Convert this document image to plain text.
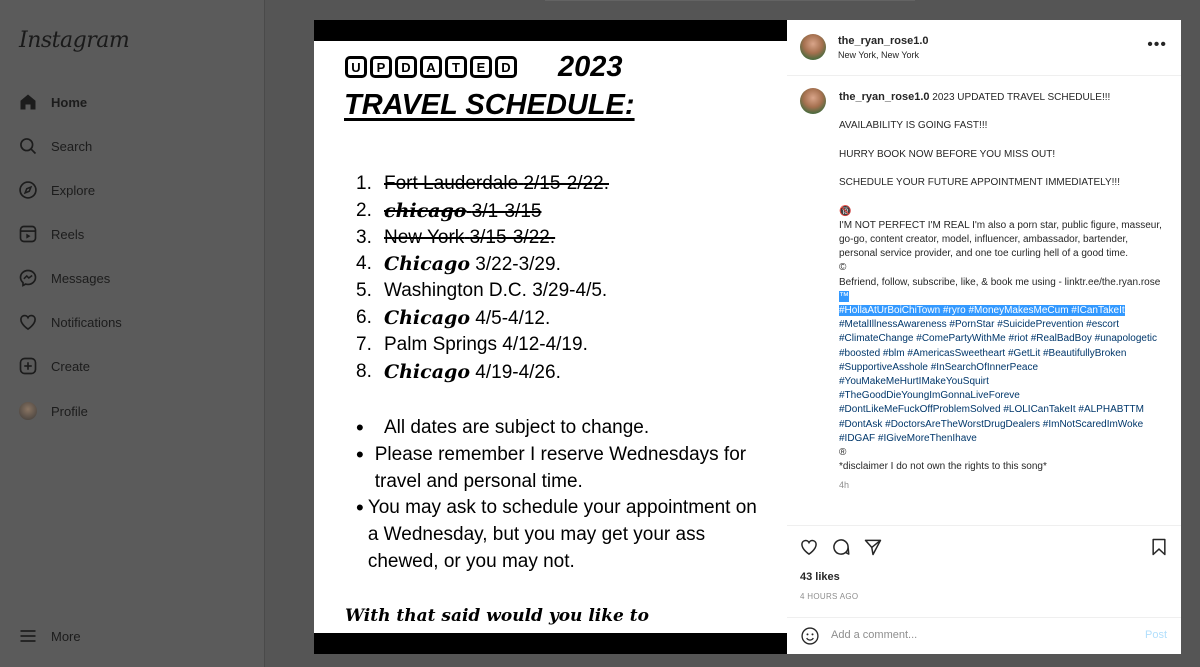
Instagram
Home
Search
Explore
Reels
Messages
Notifications
Create
Profile
More
U	P	D	A	T	E	D 2023
TRAVEL SCHEDULE:
1. Fort Lauderdale 2/15-2/22.
2. chicago 3/1-3/15
3. New York 3/15-3/22.
4. Chicago 3/22-3/29.
5. Washington D.C. 3/29-4/5.
6. Chicago 4/5-4/12.
7. Palm Springs 4/12-4/19.
8. Chicago 4/19-4/26.
•	All dates are subject to change.
• Please remember I reserve Wednesdays for travel and personal time.
• You may ask to schedule your appointment on a Wednesday, but you may get your ass chewed, or you may not.
With that said would you like to
schedule an appointment?
the_ryan_rose1.0
New York, New York
•••

the_ryan_rose1.0 2023 UPDATED TRAVEL SCHEDULE!!!

AVAILABILITY IS GOING FAST!!!

HURRY BOOK NOW BEFORE YOU MISS OUT!

SCHEDULE YOUR FUTURE APPOINTMENT IMMEDIATELY!!!

🔞
I'M NOT PERFECT I'M REAL I'm also a porn star, public figure, masseur, go-go, content creator, model, influencer, ambassador, bartender, personal service provider, and one toe curling hell of a good time.
©
Befriend, follow, subscribe, like, & book me using - linktr.ee/the.ryan.rose
™
#HollaAtUrBoiChiTown #ryro #MoneyMakesMeCum #ICanTakeIt
#MetalIllnessAwareness #PornStar #SuicidePrevention #escort #ClimateChange #ComePartyWithMe #riot #RealBadBoy #unapologetic #boosted #blm #AmericasSweetheart #GetLit #BeautifullyBroken #SupportiveAsshole #InSearchOfInnerPeace #YouMakeMeHurtIMakeYouSquirt #TheGoodDieYoungImGonnaLiveForeve #DontLikeMeFuckOffProblemSolved #LOLICanTakeIt #ALPHABTTM #DontAsk #DoctorsAreTheWorstDrugDealers #ImNotScaredImWoke #IDGAF #IGiveMoreThenIhave
®
*disclaimer I do not own the rights to this song*
4h
43 likes
4 HOURS AGO
Add a comment...
Post
